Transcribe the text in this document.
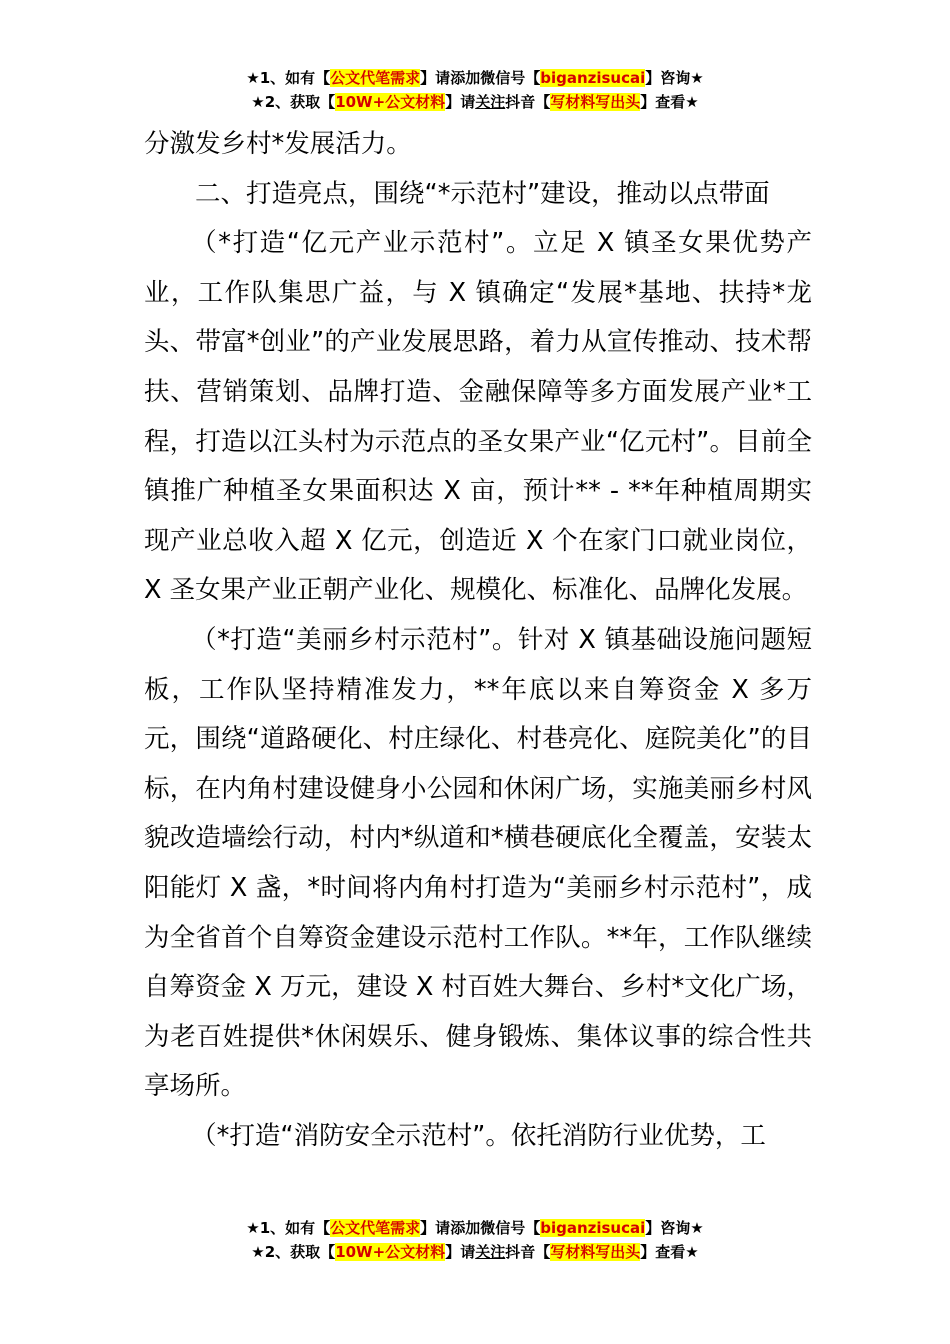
★1、如有【公文代笔需求】请添加微信号【biganzisucai】咨询★
★2、获取【10W+公文材料】请关注抖音【写材料写出头】查看★

分激发乡村*发展活力。

二、打造亮点，围绕“*示范村”建设，推动以点带面

（*打造“亿元产业示范村”。立足 X 镇圣女果优势产业，工作队集思广益，与 X 镇确定“发展*基地、扶持*龙头、带富*创业”的产业发展思路，着力从宣传推动、技术帮扶、营销策划、品牌打造、金融保障等多方面发展产业*工程，打造以江头村为示范点的圣女果产业“亿元村”。目前全镇推广种植圣女果面积达 X 亩，预计** - **年种植周期实现产业总收入超 X 亿元，创造近 X 个在家门口就业岗位，X 圣女果产业正朝产业化、规模化、标准化、品牌化发展。

（*打造“美丽乡村示范村”。针对 X 镇基础设施问题短板，工作队坚持精准发力，**年底以来自筹资金 X 多万元，围绕“道路硬化、村庄绿化、村巷亮化、庭院美化”的目标，在内角村建设健身小公园和休闲广场，实施美丽乡村风貌改造墙绘行动，村内*纵道和*横巷硬底化全覆盖，安装太阳能灯 X 盏，*时间将内角村打造为“美丽乡村示范村”，成为全省首个自筹资金建设示范村工作队。**年，工作队继续自筹资金 X 万元，建设 X 村百姓大舞台、乡村*文化广场，为老百姓提供*休闲娱乐、健身锻炼、集体议事的综合性共享场所。

（*打造“消防安全示范村”。依托消防行业优势，工

★1、如有【公文代笔需求】请添加微信号【biganzisucai】咨询★
★2、获取【10W+公文材料】请关注抖音【写材料写出头】查看★
